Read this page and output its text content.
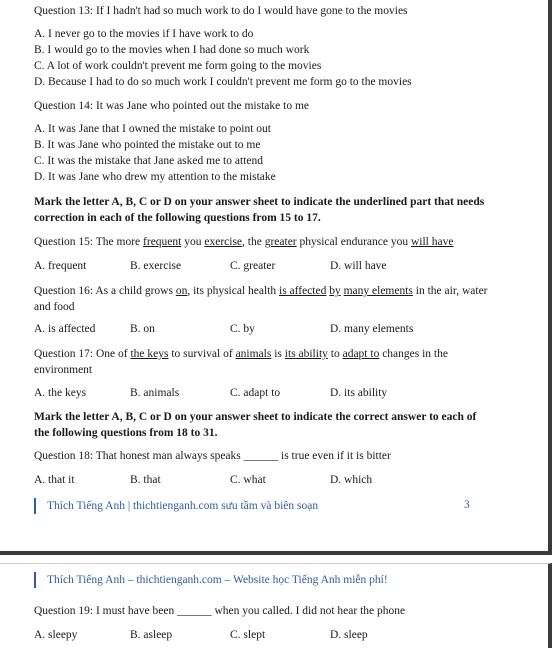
Question 13: If I hadn't had so much work to do I would have gone to the movies
A. I never go to the movies if I have work to do
B. I would go to the movies when I had done so much work
C. A lot of work couldn't prevent me form going to the movies
D. Because I had to do so much work I couldn't prevent me form go to the movies
Question 14: It was Jane who pointed out the mistake to me
A. It was Jane that I owned the mistake to point out
B. It was Jane who pointed the mistake out to me
C. It was the mistake that Jane asked me to attend
D. It was Jane who drew my attention to the mistake
Mark the letter A, B, C or D on your answer sheet to indicate the underlined part that needs correction in each of the following questions from 15 to 17.
Question 15: The more frequent you exercise, the greater physical endurance you will have
A. frequent	B. exercise	C. greater	D. will have
Question 16: As a child grows on, its physical health is affected by many elements in the air, water and food
A. is affected	B. on	C. by	D. many elements
Question 17: One of the keys to survival of animals is its ability to adapt to changes in the environment
A. the keys	B. animals	C. adapt to	D. its ability
Mark the letter A, B, C or D on your answer sheet to indicate the correct answer to each of the following questions from 18 to 31.
Question 18: That honest man always speaks ______ is true even if it is bitter
A. that it	B. that	C. what	D. which
Thích Tiếng Anh | thichtienganh.com sưu tầm và biên soạn	3
Thích Tiếng Anh – thichtienganh.com – Website học Tiếng Anh miễn phí!
Question 19: I must have been ______ when you called. I did not hear the phone
A. sleepy	B. asleep	C. slept	D. sleep
